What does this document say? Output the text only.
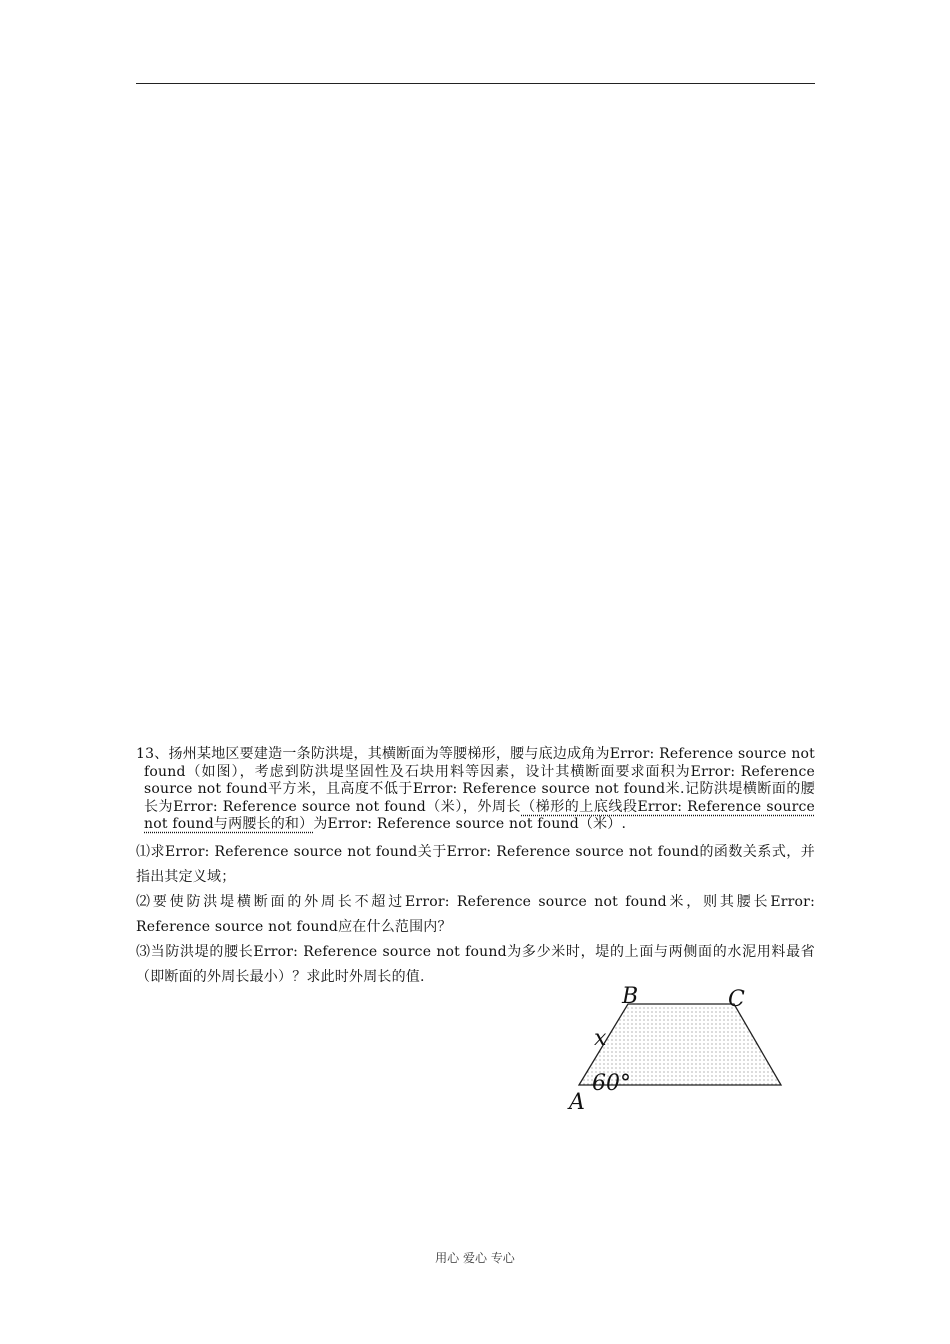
13、扬州某地区要建造一条防洪堤，其横断面为等腰梯形，腰与底边成角为Error: Reference source not found（如图），考虑到防洪堤坚固性及石块用料等因素，设计其横断面要求面积为Error: Reference source not found平方米，且高度不低于Error: Reference source not found米.记防洪堤横断面的腰长为Error: Reference source not found（米），外周长（梯形的上底线段Error: Reference source not found与两腰长的和）为Error: Reference source not found（米）.

⑴求Error: Reference source not found关于Error: Reference source not found的函数关系式，并指出其定义域；

⑵要使防洪堤横断面的外周长不超过Error: Reference source not found米，则其腰长Error: Reference source not found应在什么范围内？

⑶当防洪堤的腰长Error: Reference source not found为多少米时，堤的上面与两侧面的水泥用料最省（即断面的外周长最小）？求此时外周长的值.

B	C
A
x
60°
用心 爱心 专心
